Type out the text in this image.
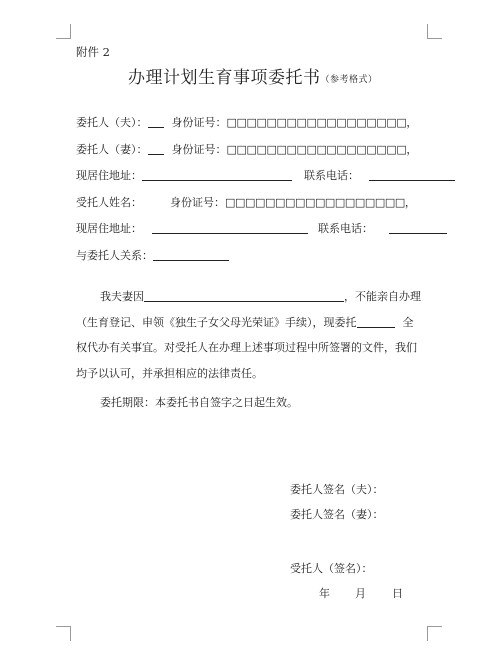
附件 2
办理计划生育事项委托书（参考格式）
委托人（夫）： 身份证号：□□□□□□□□□□□□□□□□□□，
委托人（妻）： 身份证号：□□□□□□□□□□□□□□□□□□，
现居住地址：	联系电话：
受托人姓名：	身份证号：□□□□□□□□□□□□□□□□□□，
现居住地址：	联系电话：
与委托人关系：
我夫妻因	，不能亲自办理
（生育登记、申领《独生子女父母光荣证》手续），现委托	全
权代办有关事宜。对受托人在办理上述事项过程中所签署的文件，我们
均予以认可，并承担相应的法律责任。
委托期限：本委托书自签字之日起生效。
委托人签名（夫）：
委托人签名（妻）：
受托人（签名）：
年 月 日
